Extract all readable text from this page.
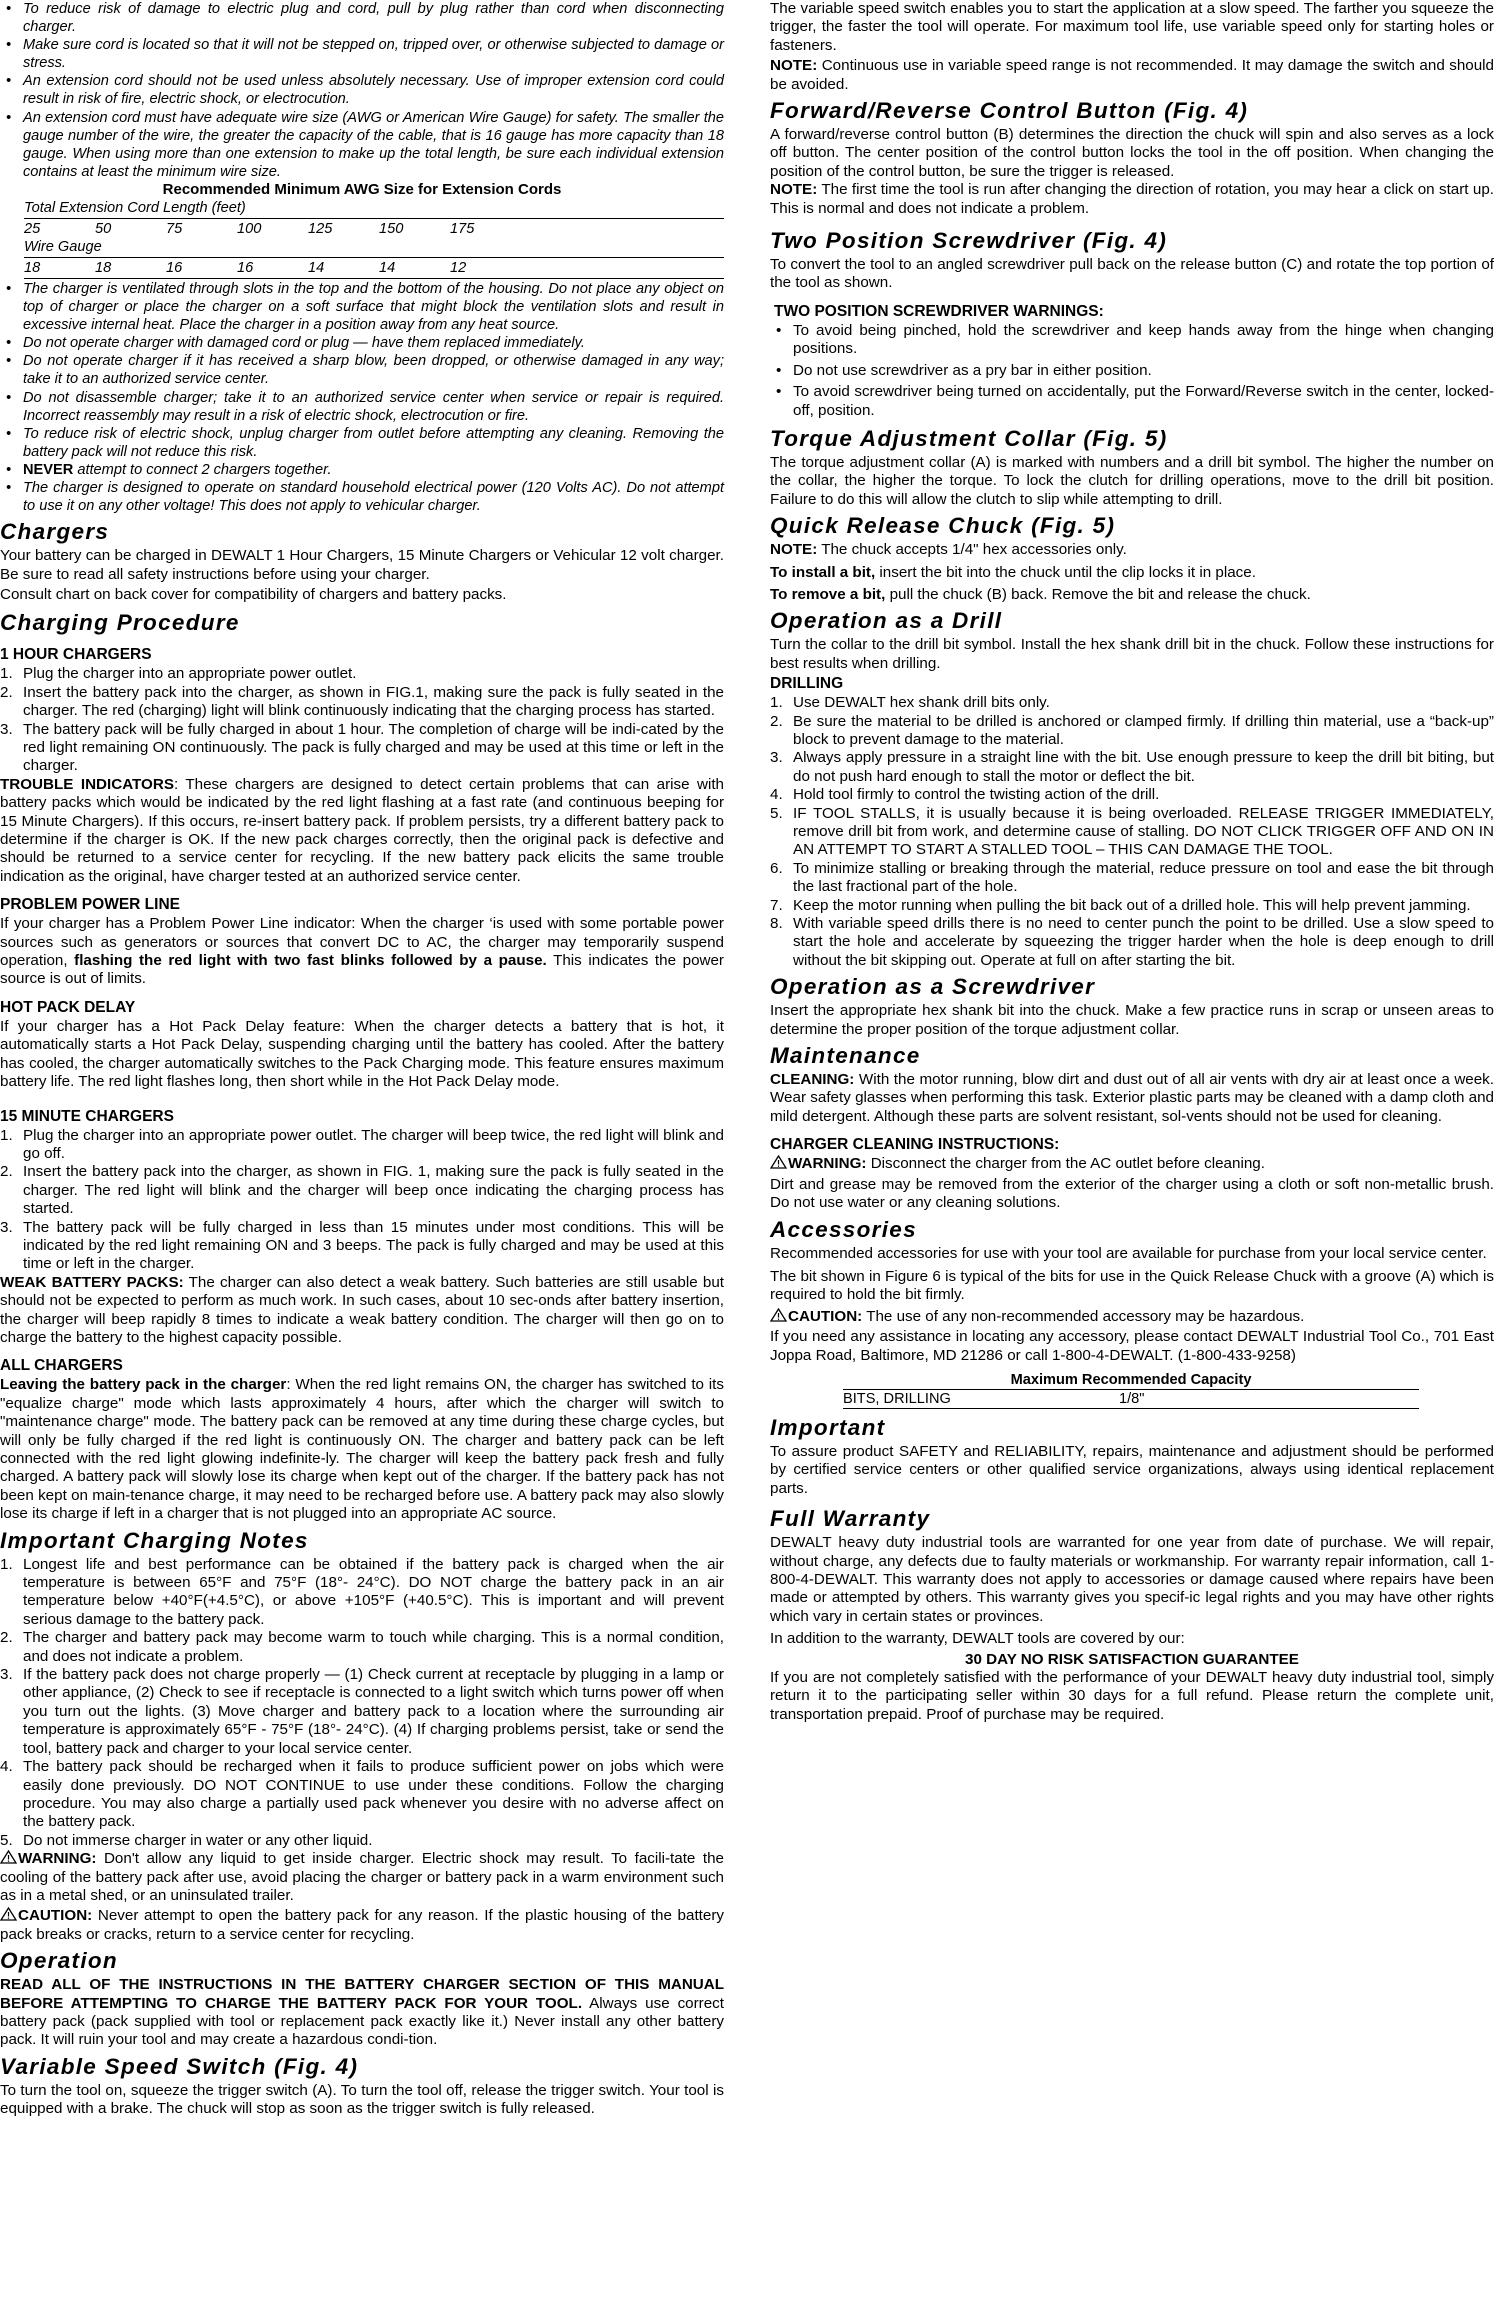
• To reduce risk of damage to electric plug and cord, pull by plug rather than cord when disconnecting charger.
• Make sure cord is located so that it will not be stepped on, tripped over, or otherwise subjected to damage or stress.
• An extension cord should not be used unless absolutely necessary. Use of improper extension cord could result in risk of fire, electric shock, or electrocution.
• An extension cord must have adequate wire size (AWG or American Wire Gauge) for safety. The smaller the gauge number of the wire, the greater the capacity of the cable, that is 16 gauge has more capacity than 18 gauge. When using more than one extension to make up the total length, be sure each individual extension contains at least the minimum wire size.
Recommended Minimum AWG Size for Extension Cords
Total Extension Cord Length (feet)
25	50	75	100	125	150	175
Wire Gauge
18	18	16	16	14	14	12
• The charger is ventilated through slots in the top and the bottom of the housing. Do not place any object on top of charger or place the charger on a soft surface that might block the ventilation slots and result in excessive internal heat. Place the charger in a position away from any heat source.
• Do not operate charger with damaged cord or plug — have them replaced immediately.
• Do not operate charger if it has received a sharp blow, been dropped, or otherwise damaged in any way; take it to an authorized service center.
• Do not disassemble charger; take it to an authorized service center when service or repair is required. Incorrect reassembly may result in a risk of electric shock, electrocution or fire.
• To reduce risk of electric shock, unplug charger from outlet before attempting any cleaning. Removing the battery pack will not reduce this risk.
• NEVER attempt to connect 2 chargers together.
• The charger is designed to operate on standard household electrical power (120 Volts AC). Do not attempt to use it on any other voltage! This does not apply to vehicular charger.
Chargers

Your battery can be charged in DEWALT 1 Hour Chargers, 15 Minute Chargers or Vehicular 12 volt charger. Be sure to read all safety instructions before using your charger.

Consult chart on back cover for compatibility of chargers and battery packs.

Charging Procedure
1 HOUR CHARGERS
1. Plug the charger into an appropriate power outlet.
2. Insert the battery pack into the charger, as shown in FIG.1, making sure the pack is fully seated in the charger. The red (charging) light will blink continuously indicating that the charging process has started.
3. The battery pack will be fully charged in about 1 hour. The completion of charge will be indi-cated by the red light remaining ON continuously. The pack is fully charged and may be used at this time or left in the charger.

TROUBLE INDICATORS: These chargers are designed to detect certain problems that can arise with battery packs which would be indicated by the red light flashing at a fast rate (and continuous beeping for 15 Minute Chargers). If this occurs, re-insert battery pack. If problem persists, try a different battery pack to determine if the charger is OK. If the new pack charges correctly, then the original pack is defective and should be returned to a service center for recycling. If the new battery pack elicits the same trouble indication as the original, have charger tested at an authorized service center.

PROBLEM POWER LINE

If your charger has a Problem Power Line indicator: When the charger ‘is used with some portable power sources such as generators or sources that convert DC to AC, the charger may temporarily suspend operation, flashing the red light with two fast blinks followed by a pause. This indicates the power source is out of limits.

HOT PACK DELAY

If your charger has a Hot Pack Delay feature: When the charger detects a battery that is hot, it automatically starts a Hot Pack Delay, suspending charging until the battery has cooled. After the battery has cooled, the charger automatically switches to the Pack Charging mode. This feature ensures maximum battery life. The red light flashes long, then short while in the Hot Pack Delay mode.

15 MINUTE CHARGERS
1. Plug the charger into an appropriate power outlet. The charger will beep twice, the red light will blink and go off.
2. Insert the battery pack into the charger, as shown in FIG. 1, making sure the pack is fully seated in the charger. The red light will blink and the charger will beep once indicating the charging process has started.
3. The battery pack will be fully charged in less than 15 minutes under most conditions. This will be indicated by the red light remaining ON and 3 beeps. The pack is fully charged and may be used at this time or left in the charger.

WEAK BATTERY PACKS: The charger can also detect a weak battery. Such batteries are still usable but should not be expected to perform as much work. In such cases, about 10 sec-onds after battery insertion, the charger will beep rapidly 8 times to indicate a weak battery condition. The charger will then go on to charge the battery to the highest capacity possible.

ALL CHARGERS

Leaving the battery pack in the charger: When the red light remains ON, the charger has switched to its "equalize charge" mode which lasts approximately 4 hours, after which the charger will switch to "maintenance charge" mode. The battery pack can be removed at any time during these charge cycles, but will only be fully charged if the red light is continuously ON. The charger and battery pack can be left connected with the red light glowing indefinite-ly. The charger will keep the battery pack fresh and fully charged. A battery pack will slowly lose its charge when kept out of the charger. If the battery pack has not been kept on main-tenance charge, it may need to be recharged before use. A battery pack may also slowly lose its charge if left in a charger that is not plugged into an appropriate AC source.

Important Charging Notes
1. Longest life and best performance can be obtained if the battery pack is charged when the air temperature is between 65°F and 75°F (18°- 24°C). DO NOT charge the battery pack in an air temperature below +40°F(+4.5°C), or above +105°F (+40.5°C). This is important and will prevent serious damage to the battery pack.
2. The charger and battery pack may become warm to touch while charging. This is a normal condition, and does not indicate a problem.
3. If the battery pack does not charge properly — (1) Check current at receptacle by plugging in a lamp or other appliance, (2) Check to see if receptacle is connected to a light switch which turns power off when you turn out the lights. (3) Move charger and battery pack to a location where the surrounding air temperature is approximately 65°F - 75°F (18°- 24°C). (4) If charging problems persist, take or send the tool, battery pack and charger to your local service center.
4. The battery pack should be recharged when it fails to produce sufficient power on jobs which were easily done previously. DO NOT CONTINUE to use under these conditions. Follow the charging procedure. You may also charge a partially used pack whenever you desire with no adverse affect on the battery pack.
5. Do not immerse charger in water or any other liquid.

WARNING: Don't allow any liquid to get inside charger. Electric shock may result. To facili-tate the cooling of the battery pack after use, avoid placing the charger or battery pack in a warm environment such as in a metal shed, or an uninsulated trailer.

CAUTION: Never attempt to open the battery pack for any reason. If the plastic housing of the battery pack breaks or cracks, return to a service center for recycling.

Operation

READ ALL OF THE INSTRUCTIONS IN THE BATTERY CHARGER SECTION OF THIS MANUAL BEFORE ATTEMPTING TO CHARGE THE BATTERY PACK FOR YOUR TOOL. Always use correct battery pack (pack supplied with tool or replacement pack exactly like it.) Never install any other battery pack. It will ruin your tool and may create a hazardous condi-tion.

Variable Speed Switch (Fig. 4)

To turn the tool on, squeeze the trigger switch (A). To turn the tool off, release the trigger switch. Your tool is equipped with a brake. The chuck will stop as soon as the trigger switch is fully released.

The variable speed switch enables you to start the application at a slow speed. The farther you squeeze the trigger, the faster the tool will operate. For maximum tool life, use variable speed only for starting holes or fasteners.

NOTE: Continuous use in variable speed range is not recommended. It may damage the switch and should be avoided.

Forward/Reverse Control Button (Fig. 4)

A forward/reverse control button (B) determines the direction the chuck will spin and also serves as a lock off button. The center position of the control button locks the tool in the off position. When changing the position of the control button, be sure the trigger is released.
NOTE: The first time the tool is run after changing the direction of rotation, you may hear a click on start up. This is normal and does not indicate a problem.

Two Position Screwdriver (Fig. 4)

To convert the tool to an angled screwdriver pull back on the release button (C) and rotate the top portion of the tool as shown.

TWO POSITION SCREWDRIVER WARNINGS:
• To avoid being pinched, hold the screwdriver and keep hands away from the hinge when changing positions.
• Do not use screwdriver as a pry bar in either position.
• To avoid screwdriver being turned on accidentally, put the Forward/Reverse switch in the center, locked-off, position.
Torque Adjustment Collar (Fig. 5)

The torque adjustment collar (A) is marked with numbers and a drill bit symbol. The higher the number on the collar, the higher the torque. To lock the clutch for drilling operations, move to the drill bit position. Failure to do this will allow the clutch to slip while attempting to drill.

Quick Release Chuck (Fig. 5)

NOTE: The chuck accepts 1/4" hex accessories only.

To install a bit, insert the bit into the chuck until the clip locks it in place.

To remove a bit, pull the chuck (B) back. Remove the bit and release the chuck.

Operation as a Drill

Turn the collar to the drill bit symbol. Install the hex shank drill bit in the chuck. Follow these instructions for best results when drilling.

DRILLING
1. Use DEWALT hex shank drill bits only.
2. Be sure the material to be drilled is anchored or clamped firmly. If drilling thin material, use a “back-up” block to prevent damage to the material.
3. Always apply pressure in a straight line with the bit. Use enough pressure to keep the drill bit biting, but do not push hard enough to stall the motor or deflect the bit.
4. Hold tool firmly to control the twisting action of the drill.
5. IF TOOL STALLS, it is usually because it is being overloaded. RELEASE TRIGGER IMMEDIATELY, remove drill bit from work, and determine cause of stalling. DO NOT CLICK TRIGGER OFF AND ON IN AN ATTEMPT TO START A STALLED TOOL – THIS CAN DAMAGE THE TOOL.
6. To minimize stalling or breaking through the material, reduce pressure on tool and ease the bit through the last fractional part of the hole.
7. Keep the motor running when pulling the bit back out of a drilled hole. This will help prevent jamming.
8. With variable speed drills there is no need to center punch the point to be drilled. Use a slow speed to start the hole and accelerate by squeezing the trigger harder when the hole is deep enough to drill without the bit skipping out. Operate at full on after starting the bit.
Operation as a Screwdriver

Insert the appropriate hex shank bit into the chuck. Make a few practice runs in scrap or unseen areas to determine the proper position of the torque adjustment collar.

Maintenance

CLEANING: With the motor running, blow dirt and dust out of all air vents with dry air at least once a week. Wear safety glasses when performing this task. Exterior plastic parts may be cleaned with a damp cloth and mild detergent. Although these parts are solvent resistant, sol-vents should not be used for cleaning.

CHARGER CLEANING INSTRUCTIONS:

WARNING: Disconnect the charger from the AC outlet before cleaning.

Dirt and grease may be removed from the exterior of the charger using a cloth or soft non-metallic brush. Do not use water or any cleaning solutions.

Accessories

Recommended accessories for use with your tool are available for purchase from your local service center.

The bit shown in Figure 6 is typical of the bits for use in the Quick Release Chuck with a groove (A) which is required to hold the bit firmly.

CAUTION: The use of any non-recommended accessory may be hazardous.

If you need any assistance in locating any accessory, please contact DEWALT Industrial Tool Co., 701 East Joppa Road, Baltimore, MD 21286 or call 1-800-4-DEWALT. (1-800-433-9258)

Maximum Recommended Capacity
BITS, DRILLING	1/8"
Important

To assure product SAFETY and RELIABILITY, repairs, maintenance and adjustment should be performed by certified service centers or other qualified service organizations, always using identical replacement parts.

Full Warranty

DEWALT heavy duty industrial tools are warranted for one year from date of purchase. We will repair, without charge, any defects due to faulty materials or workmanship. For warranty repair information, call 1-800-4-DEWALT. This warranty does not apply to accessories or damage caused where repairs have been made or attempted by others. This warranty gives you specif-ic legal rights and you may have other rights which vary in certain states or provinces.

In addition to the warranty, DEWALT tools are covered by our:

30 DAY NO RISK SATISFACTION GUARANTEE

If you are not completely satisfied with the performance of your DEWALT heavy duty industrial tool, simply return it to the participating seller within 30 days for a full refund. Please return the complete unit, transportation prepaid. Proof of purchase may be required.
